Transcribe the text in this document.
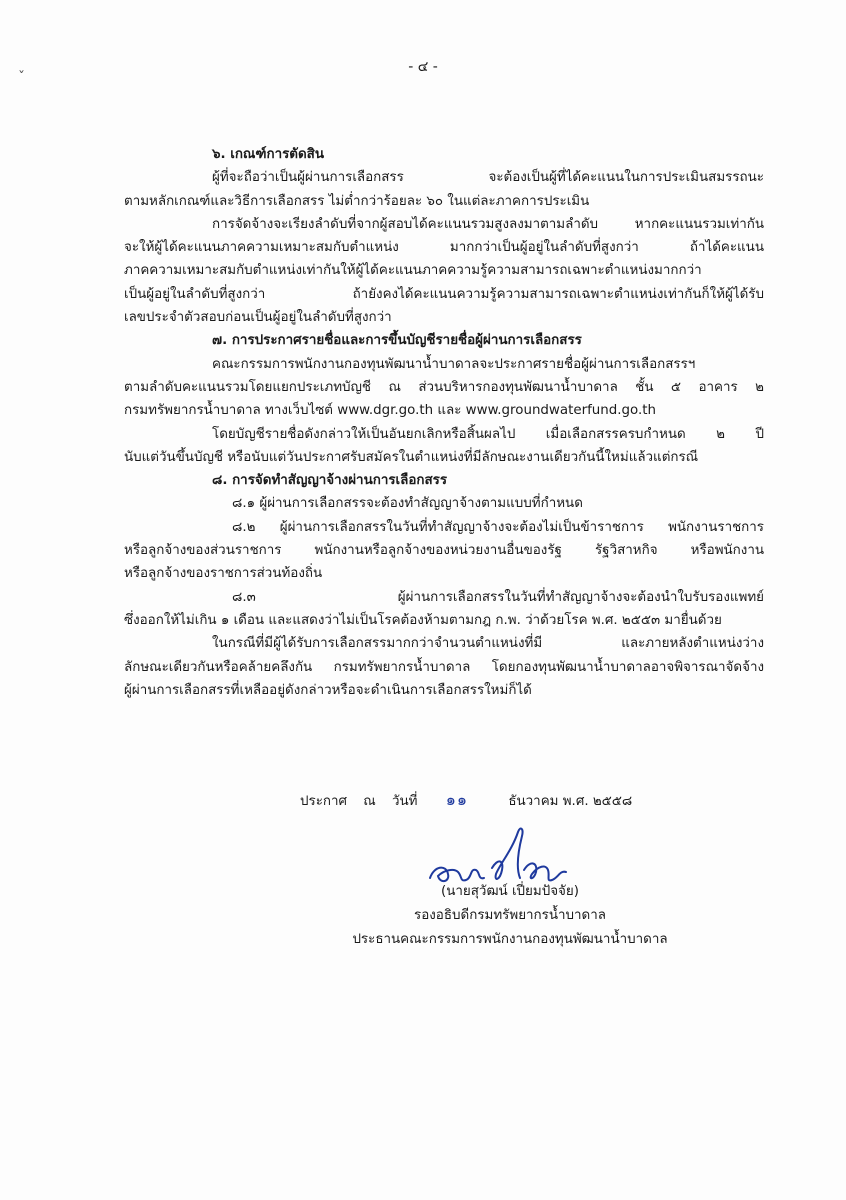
- ๔ -
ˇ
๖. เกณฑ์การตัดสิน
ผู้ที่จะถือว่าเป็นผู้ผ่านการเลือกสรร จะต้องเป็นผู้ที่ได้คะแนนในการประเมินสมรรถนะ
ตามหลักเกณฑ์และวิธีการเลือกสรร ไม่ต่ำกว่าร้อยละ ๖๐ ในแต่ละภาคการประเมิน
การจัดจ้างจะเรียงลำดับที่จากผู้สอบได้คะแนนรวมสูงลงมาตามลำดับ หากคะแนนรวมเท่ากัน
จะให้ผู้ได้คะแนนภาคความเหมาะสมกับตำแหน่ง มากกว่าเป็นผู้อยู่ในลำดับที่สูงกว่า ถ้าได้คะแนน
ภาคความเหมาะสมกับตำแหน่งเท่ากันให้ผู้ได้คะแนนภาคความรู้ความสามารถเฉพาะตำแหน่งมากกว่า
เป็นผู้อยู่ในลำดับที่สูงกว่า ถ้ายังคงได้คะแนนความรู้ความสามารถเฉพาะตำแหน่งเท่ากันก็ให้ผู้ได้รับ
เลขประจำตัวสอบก่อนเป็นผู้อยู่ในลำดับที่สูงกว่า
๗. การประกาศรายชื่อและการขึ้นบัญชีรายชื่อผู้ผ่านการเลือกสรร
คณะกรรมการพนักงานกองทุนพัฒนาน้ำบาดาลจะประกาศรายชื่อผู้ผ่านการเลือกสรรฯ
ตามลำดับคะแนนรวมโดยแยกประเภทบัญชี ณ ส่วนบริหารกองทุนพัฒนาน้ำบาดาล ชั้น ๕ อาคาร ๒
กรมทรัพยากรน้ำบาดาล ทางเว็บไซต์ www.dgr.go.th และ www.groundwaterfund.go.th
โดยบัญชีรายชื่อดังกล่าวให้เป็นอันยกเลิกหรือสิ้นผลไป เมื่อเลือกสรรครบกำหนด ๒ ปี
นับแต่วันขึ้นบัญชี หรือนับแต่วันประกาศรับสมัครในตำแหน่งที่มีลักษณะงานเดียวกันนี้ใหม่แล้วแต่กรณี
๘. การจัดทำสัญญาจ้างผ่านการเลือกสรร
๘.๑ ผู้ผ่านการเลือกสรรจะต้องทำสัญญาจ้างตามแบบที่กำหนด
๘.๒ ผู้ผ่านการเลือกสรรในวันที่ทำสัญญาจ้างจะต้องไม่เป็นข้าราชการ พนักงานราชการ
หรือลูกจ้างของส่วนราชการ พนักงานหรือลูกจ้างของหน่วยงานอื่นของรัฐ รัฐวิสาหกิจ หรือพนักงาน
หรือลูกจ้างของราชการส่วนท้องถิ่น
๘.๓ ผู้ผ่านการเลือกสรรในวันที่ทำสัญญาจ้างจะต้องนำใบรับรองแพทย์
ซึ่งออกให้ไม่เกิน ๑ เดือน และแสดงว่าไม่เป็นโรคต้องห้ามตามกฎ ก.พ. ว่าด้วยโรค พ.ศ. ๒๕๕๓ มายื่นด้วย
ในกรณีที่มีผู้ได้รับการเลือกสรรมากกว่าจำนวนตำแหน่งที่มี และภายหลังตำแหน่งว่าง
ลักษณะเดียวกันหรือคล้ายคลึงกัน กรมทรัพยากรน้ำบาดาล โดยกองทุนพัฒนาน้ำบาดาลอาจพิจารณาจัดจ้าง
ผู้ผ่านการเลือกสรรที่เหลืออยู่ดังกล่าวหรือจะดำเนินการเลือกสรรใหม่ก็ได้
ประกาศ ณ วันที่ ๑๑	ธันวาคม พ.ศ. ๒๕๕๘
(นายสุวัฒน์ เปี่ยมปัจจัย)
รองอธิบดีกรมทรัพยากรน้ำบาดาล
ประธานคณะกรรมการพนักงานกองทุนพัฒนาน้ำบาดาล
